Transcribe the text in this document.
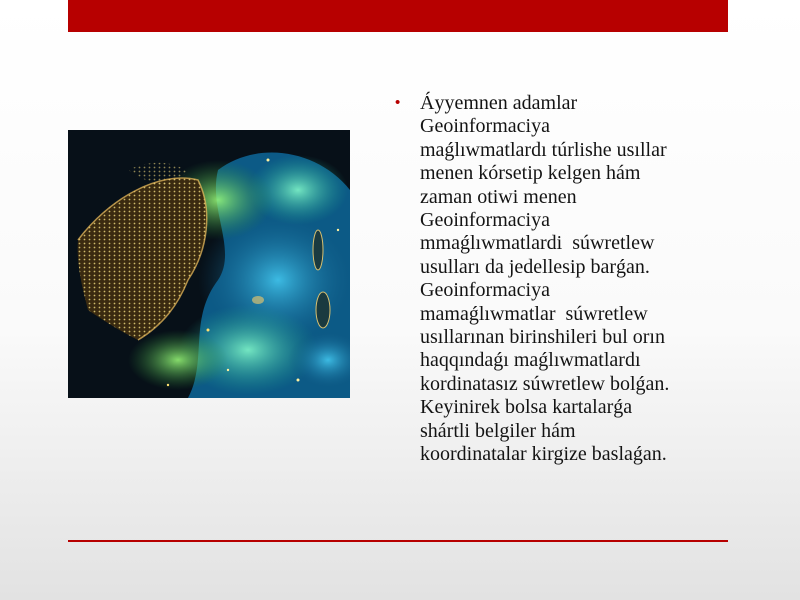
• Áyyemnen adamlar
Geoinformaciya
maǵlıwmatlardı túrlishe usıllar
menen kórsetip kelgen hám
zaman otiwi menen
Geoinformaciya
mmaǵlıwmatlardi  súwretlew
usulları da jedellesip barǵan.
Geoinformaciya
mamaǵlıwmatlar  súwretlew
usıllarınan birinshileri bul orın
haqqındaǵı maǵlıwmatlardı
kordinatasız súwretlew bolǵan.
Keyinirek bolsa kartalarǵa
shártli belgiler hám
koordinatalar kirgize baslaǵan.
